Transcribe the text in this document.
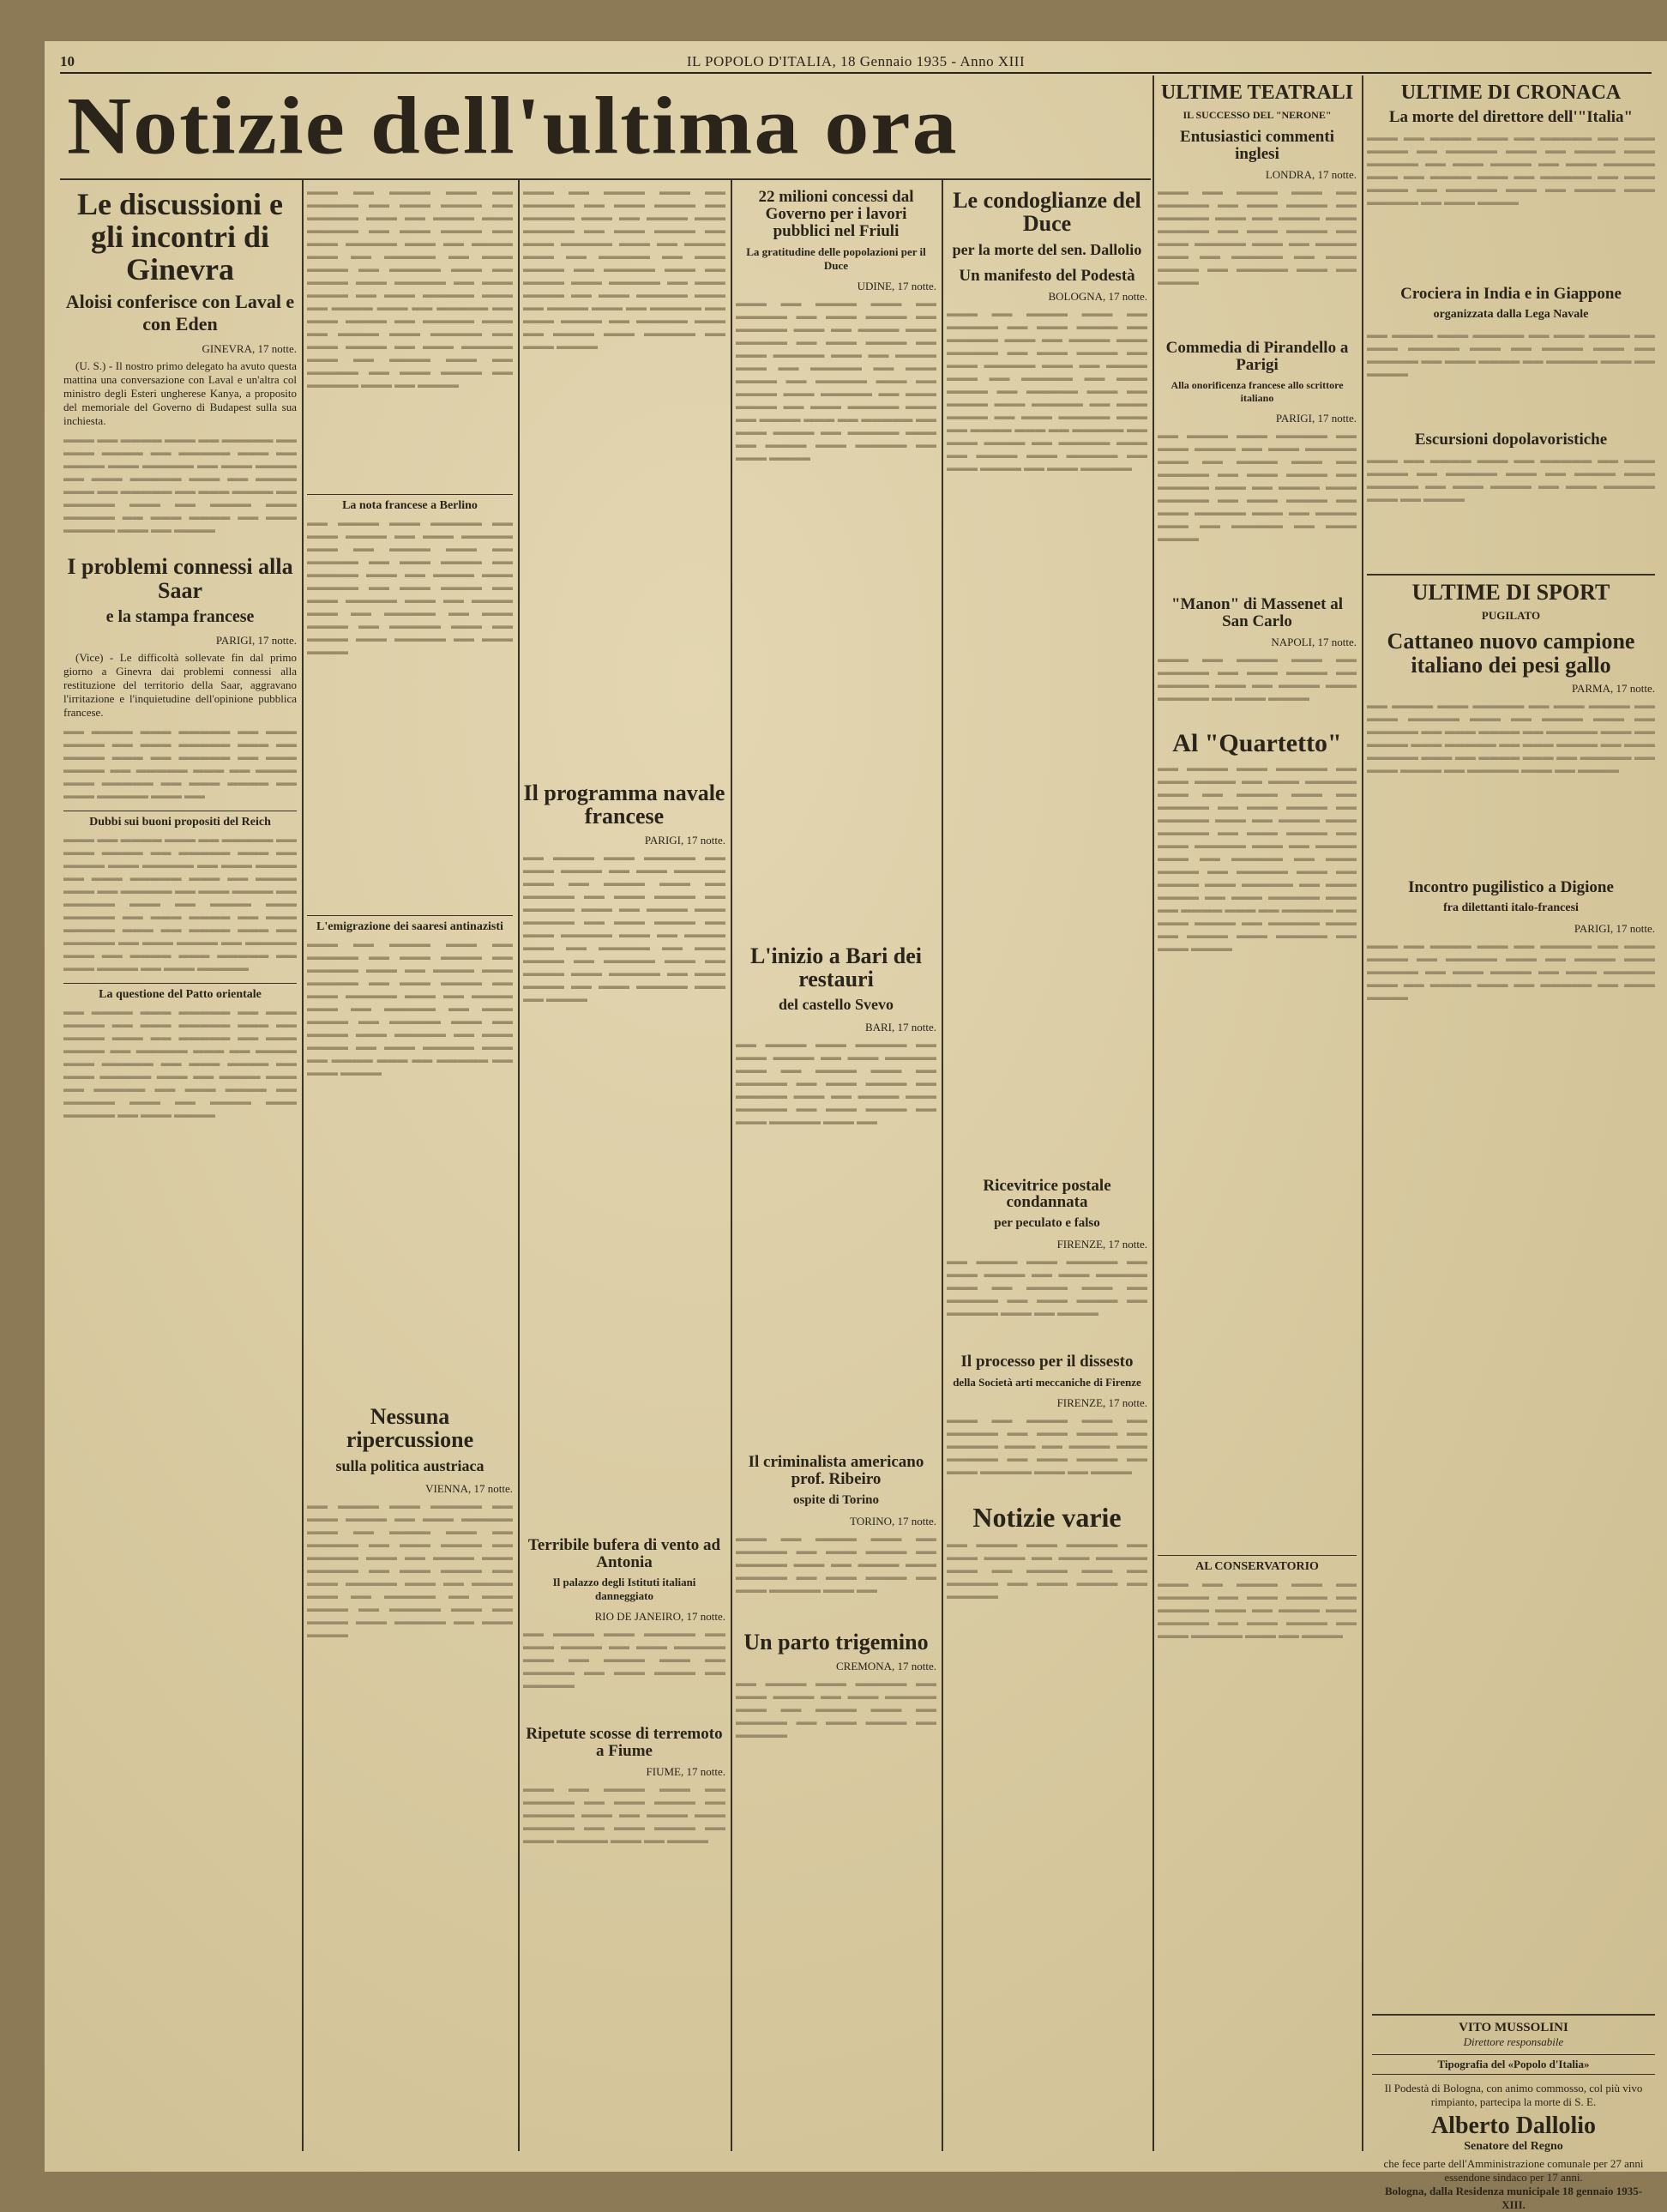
10	IL POPOLO D'ITALIA, 18 Gennaio 1935 - Anno XIII
Notizie dell'ultima ora
Le discussioni e gli incontri di Ginevra
Aloisi conferisce con Laval e con Eden
GINEVRA, 17 notte.

(U. S.) - Il nostro primo delegato ha avuto questa mattina una conversazione con Laval e un'altra col ministro degli Esteri ungherese Kanya, a proposito del memoriale del Governo di Budapest sulla sua inchiesta.

▬▬▬ ▬▬ ▬▬▬▬ ▬▬▬ ▬▬ ▬▬▬▬▬ ▬▬ ▬▬▬ ▬▬▬▬ ▬▬ ▬▬▬▬▬ ▬▬▬ ▬▬ ▬▬▬▬ ▬▬▬ ▬▬▬▬▬ ▬▬ ▬▬▬ ▬▬▬▬ ▬▬ ▬▬▬ ▬▬▬▬▬ ▬▬▬ ▬▬ ▬▬▬▬ ▬▬▬ ▬▬ ▬▬▬▬▬ ▬▬ ▬▬▬ ▬▬▬▬ ▬▬ ▬▬▬▬▬ ▬▬▬ ▬▬ ▬▬▬▬ ▬▬▬ ▬▬▬▬▬ ▬▬ ▬▬▬ ▬▬▬▬ ▬▬ ▬▬▬ ▬▬▬▬▬ ▬▬▬ ▬▬ ▬▬▬▬

I problemi connessi alla Saar
e la stampa francese
PARIGI, 17 notte.

(Vice) - Le difficoltà sollevate fin dal primo giorno a Ginevra dai problemi connessi alla restituzione del territorio della Saar, aggravano l'irritazione e l'inquietudine dell'opinione pubblica francese.

▬▬ ▬▬▬▬ ▬▬▬ ▬▬▬▬▬ ▬▬ ▬▬▬ ▬▬▬▬ ▬▬ ▬▬▬ ▬▬▬▬▬ ▬▬▬ ▬▬ ▬▬▬▬ ▬▬▬ ▬▬ ▬▬▬▬▬ ▬▬ ▬▬▬ ▬▬▬▬ ▬▬ ▬▬▬▬▬ ▬▬▬ ▬▬ ▬▬▬▬ ▬▬▬ ▬▬▬▬▬ ▬▬ ▬▬▬ ▬▬▬▬ ▬▬ ▬▬▬ ▬▬▬▬▬ ▬▬▬ ▬▬

Dubbi sui buoni propositi del Reich

▬▬▬ ▬▬ ▬▬▬▬ ▬▬▬ ▬▬ ▬▬▬▬▬ ▬▬ ▬▬▬ ▬▬▬▬ ▬▬ ▬▬▬▬▬ ▬▬▬ ▬▬ ▬▬▬▬ ▬▬▬ ▬▬▬▬▬ ▬▬ ▬▬▬ ▬▬▬▬ ▬▬ ▬▬▬ ▬▬▬▬▬ ▬▬▬ ▬▬ ▬▬▬▬ ▬▬▬ ▬▬ ▬▬▬▬▬ ▬▬ ▬▬▬ ▬▬▬▬ ▬▬ ▬▬▬▬▬ ▬▬▬ ▬▬ ▬▬▬▬ ▬▬▬ ▬▬▬▬▬ ▬▬ ▬▬▬ ▬▬▬▬ ▬▬ ▬▬▬ ▬▬▬▬▬ ▬▬▬ ▬▬ ▬▬▬▬ ▬▬▬ ▬▬ ▬▬▬▬▬ ▬▬ ▬▬▬ ▬▬▬▬ ▬▬ ▬▬▬▬▬ ▬▬▬ ▬▬ ▬▬▬▬ ▬▬▬ ▬▬▬▬▬ ▬▬ ▬▬▬ ▬▬▬▬ ▬▬ ▬▬▬ ▬▬▬▬▬

La questione del Patto orientale

▬▬ ▬▬▬▬ ▬▬▬ ▬▬▬▬▬ ▬▬ ▬▬▬ ▬▬▬▬ ▬▬ ▬▬▬ ▬▬▬▬▬ ▬▬▬ ▬▬ ▬▬▬▬ ▬▬▬ ▬▬ ▬▬▬▬▬ ▬▬ ▬▬▬ ▬▬▬▬ ▬▬ ▬▬▬▬▬ ▬▬▬ ▬▬ ▬▬▬▬ ▬▬▬ ▬▬▬▬▬ ▬▬ ▬▬▬ ▬▬▬▬ ▬▬ ▬▬▬ ▬▬▬▬▬ ▬▬▬ ▬▬ ▬▬▬▬ ▬▬▬ ▬▬ ▬▬▬▬▬ ▬▬ ▬▬▬ ▬▬▬▬ ▬▬ ▬▬▬▬▬ ▬▬▬ ▬▬ ▬▬▬▬ ▬▬▬ ▬▬▬▬▬ ▬▬ ▬▬▬ ▬▬▬▬

▬▬▬ ▬▬ ▬▬▬▬ ▬▬▬ ▬▬ ▬▬▬▬▬ ▬▬ ▬▬▬ ▬▬▬▬ ▬▬ ▬▬▬▬▬ ▬▬▬ ▬▬ ▬▬▬▬ ▬▬▬ ▬▬▬▬▬ ▬▬ ▬▬▬ ▬▬▬▬ ▬▬ ▬▬▬ ▬▬▬▬▬ ▬▬▬ ▬▬ ▬▬▬▬ ▬▬▬ ▬▬ ▬▬▬▬▬ ▬▬ ▬▬▬ ▬▬▬▬ ▬▬ ▬▬▬▬▬ ▬▬▬ ▬▬ ▬▬▬▬ ▬▬▬ ▬▬▬▬▬ ▬▬ ▬▬▬ ▬▬▬▬ ▬▬ ▬▬▬ ▬▬▬▬▬ ▬▬▬ ▬▬ ▬▬▬▬ ▬▬▬ ▬▬ ▬▬▬▬▬ ▬▬ ▬▬▬ ▬▬▬▬ ▬▬ ▬▬▬▬▬ ▬▬▬ ▬▬ ▬▬▬▬ ▬▬▬ ▬▬▬▬▬ ▬▬ ▬▬▬ ▬▬▬▬ ▬▬ ▬▬▬ ▬▬▬▬▬ ▬▬▬ ▬▬ ▬▬▬▬ ▬▬▬ ▬▬ ▬▬▬▬▬ ▬▬ ▬▬▬ ▬▬▬▬ ▬▬ ▬▬▬▬▬ ▬▬▬ ▬▬ ▬▬▬▬

La nota francese a Berlino

▬▬ ▬▬▬▬ ▬▬▬ ▬▬▬▬▬ ▬▬ ▬▬▬ ▬▬▬▬ ▬▬ ▬▬▬ ▬▬▬▬▬ ▬▬▬ ▬▬ ▬▬▬▬ ▬▬▬ ▬▬ ▬▬▬▬▬ ▬▬ ▬▬▬ ▬▬▬▬ ▬▬ ▬▬▬▬▬ ▬▬▬ ▬▬ ▬▬▬▬ ▬▬▬ ▬▬▬▬▬ ▬▬ ▬▬▬ ▬▬▬▬ ▬▬ ▬▬▬ ▬▬▬▬▬ ▬▬▬ ▬▬ ▬▬▬▬ ▬▬▬ ▬▬ ▬▬▬▬▬ ▬▬ ▬▬▬ ▬▬▬▬ ▬▬ ▬▬▬▬▬ ▬▬▬ ▬▬ ▬▬▬▬ ▬▬▬ ▬▬▬▬▬ ▬▬ ▬▬▬ ▬▬▬▬

L'emigrazione dei saaresi antinazisti

▬▬▬ ▬▬ ▬▬▬▬ ▬▬▬ ▬▬ ▬▬▬▬▬ ▬▬ ▬▬▬ ▬▬▬▬ ▬▬ ▬▬▬▬▬ ▬▬▬ ▬▬ ▬▬▬▬ ▬▬▬ ▬▬▬▬▬ ▬▬ ▬▬▬ ▬▬▬▬ ▬▬ ▬▬▬ ▬▬▬▬▬ ▬▬▬ ▬▬ ▬▬▬▬ ▬▬▬ ▬▬ ▬▬▬▬▬ ▬▬ ▬▬▬ ▬▬▬▬ ▬▬ ▬▬▬▬▬ ▬▬▬ ▬▬ ▬▬▬▬ ▬▬▬ ▬▬▬▬▬ ▬▬ ▬▬▬ ▬▬▬▬ ▬▬ ▬▬▬ ▬▬▬▬▬ ▬▬▬ ▬▬ ▬▬▬▬ ▬▬▬ ▬▬ ▬▬▬▬▬ ▬▬ ▬▬▬ ▬▬▬▬

Nessuna ripercussione
sulla politica austriaca
VIENNA, 17 notte.

▬▬ ▬▬▬▬ ▬▬▬ ▬▬▬▬▬ ▬▬ ▬▬▬ ▬▬▬▬ ▬▬ ▬▬▬ ▬▬▬▬▬ ▬▬▬ ▬▬ ▬▬▬▬ ▬▬▬ ▬▬ ▬▬▬▬▬ ▬▬ ▬▬▬ ▬▬▬▬ ▬▬ ▬▬▬▬▬ ▬▬▬ ▬▬ ▬▬▬▬ ▬▬▬ ▬▬▬▬▬ ▬▬ ▬▬▬ ▬▬▬▬ ▬▬ ▬▬▬ ▬▬▬▬▬ ▬▬▬ ▬▬ ▬▬▬▬ ▬▬▬ ▬▬ ▬▬▬▬▬ ▬▬ ▬▬▬ ▬▬▬▬ ▬▬ ▬▬▬▬▬ ▬▬▬ ▬▬ ▬▬▬▬ ▬▬▬ ▬▬▬▬▬ ▬▬ ▬▬▬ ▬▬▬▬

▬▬▬ ▬▬ ▬▬▬▬ ▬▬▬ ▬▬ ▬▬▬▬▬ ▬▬ ▬▬▬ ▬▬▬▬ ▬▬ ▬▬▬▬▬ ▬▬▬ ▬▬ ▬▬▬▬ ▬▬▬ ▬▬▬▬▬ ▬▬ ▬▬▬ ▬▬▬▬ ▬▬ ▬▬▬ ▬▬▬▬▬ ▬▬▬ ▬▬ ▬▬▬▬ ▬▬▬ ▬▬ ▬▬▬▬▬ ▬▬ ▬▬▬ ▬▬▬▬ ▬▬ ▬▬▬▬▬ ▬▬▬ ▬▬ ▬▬▬▬ ▬▬▬ ▬▬▬▬▬ ▬▬ ▬▬▬ ▬▬▬▬ ▬▬ ▬▬▬ ▬▬▬▬▬ ▬▬▬ ▬▬ ▬▬▬▬ ▬▬▬ ▬▬ ▬▬▬▬▬ ▬▬ ▬▬▬ ▬▬▬▬ ▬▬ ▬▬▬▬▬ ▬▬▬ ▬▬ ▬▬▬▬ ▬▬▬ ▬▬▬▬▬ ▬▬ ▬▬▬ ▬▬▬▬

Il programma navale francese
PARIGI, 17 notte.

▬▬ ▬▬▬▬ ▬▬▬ ▬▬▬▬▬ ▬▬ ▬▬▬ ▬▬▬▬ ▬▬ ▬▬▬ ▬▬▬▬▬ ▬▬▬ ▬▬ ▬▬▬▬ ▬▬▬ ▬▬ ▬▬▬▬▬ ▬▬ ▬▬▬ ▬▬▬▬ ▬▬ ▬▬▬▬▬ ▬▬▬ ▬▬ ▬▬▬▬ ▬▬▬ ▬▬▬▬▬ ▬▬ ▬▬▬ ▬▬▬▬ ▬▬ ▬▬▬ ▬▬▬▬▬ ▬▬▬ ▬▬ ▬▬▬▬ ▬▬▬ ▬▬ ▬▬▬▬▬ ▬▬ ▬▬▬ ▬▬▬▬ ▬▬ ▬▬▬▬▬ ▬▬▬ ▬▬ ▬▬▬▬ ▬▬▬ ▬▬▬▬▬ ▬▬ ▬▬▬ ▬▬▬▬ ▬▬ ▬▬▬ ▬▬▬▬▬ ▬▬▬ ▬▬ ▬▬▬▬

Terribile bufera di vento ad Antonia
Il palazzo degli Istituti italiani danneggiato
RIO DE JANEIRO, 17 notte.

▬▬ ▬▬▬▬ ▬▬▬ ▬▬▬▬▬ ▬▬ ▬▬▬ ▬▬▬▬ ▬▬ ▬▬▬ ▬▬▬▬▬ ▬▬▬ ▬▬ ▬▬▬▬ ▬▬▬ ▬▬ ▬▬▬▬▬ ▬▬ ▬▬▬ ▬▬▬▬ ▬▬ ▬▬▬▬▬

Ripetute scosse di terremoto a Fiume
FIUME, 17 notte.

▬▬▬ ▬▬ ▬▬▬▬ ▬▬▬ ▬▬ ▬▬▬▬▬ ▬▬ ▬▬▬ ▬▬▬▬ ▬▬ ▬▬▬▬▬ ▬▬▬ ▬▬ ▬▬▬▬ ▬▬▬ ▬▬▬▬▬ ▬▬ ▬▬▬ ▬▬▬▬ ▬▬ ▬▬▬ ▬▬▬▬▬ ▬▬▬ ▬▬ ▬▬▬▬

22 milioni concessi dal Governo per i lavori pubblici nel Friuli
La gratitudine delle popolazioni per il Duce
UDINE, 17 notte.

▬▬▬ ▬▬ ▬▬▬▬ ▬▬▬ ▬▬ ▬▬▬▬▬ ▬▬ ▬▬▬ ▬▬▬▬ ▬▬ ▬▬▬▬▬ ▬▬▬ ▬▬ ▬▬▬▬ ▬▬▬ ▬▬▬▬▬ ▬▬ ▬▬▬ ▬▬▬▬ ▬▬ ▬▬▬ ▬▬▬▬▬ ▬▬▬ ▬▬ ▬▬▬▬ ▬▬▬ ▬▬ ▬▬▬▬▬ ▬▬ ▬▬▬ ▬▬▬▬ ▬▬ ▬▬▬▬▬ ▬▬▬ ▬▬ ▬▬▬▬ ▬▬▬ ▬▬▬▬▬ ▬▬ ▬▬▬ ▬▬▬▬ ▬▬ ▬▬▬ ▬▬▬▬▬ ▬▬▬ ▬▬ ▬▬▬▬ ▬▬▬ ▬▬ ▬▬▬▬▬ ▬▬ ▬▬▬ ▬▬▬▬ ▬▬ ▬▬▬▬▬ ▬▬▬ ▬▬ ▬▬▬▬ ▬▬▬ ▬▬▬▬▬ ▬▬ ▬▬▬ ▬▬▬▬

L'inizio a Bari dei restauri
del castello Svevo
BARI, 17 notte.

▬▬ ▬▬▬▬ ▬▬▬ ▬▬▬▬▬ ▬▬ ▬▬▬ ▬▬▬▬ ▬▬ ▬▬▬ ▬▬▬▬▬ ▬▬▬ ▬▬ ▬▬▬▬ ▬▬▬ ▬▬ ▬▬▬▬▬ ▬▬ ▬▬▬ ▬▬▬▬ ▬▬ ▬▬▬▬▬ ▬▬▬ ▬▬ ▬▬▬▬ ▬▬▬ ▬▬▬▬▬ ▬▬ ▬▬▬ ▬▬▬▬ ▬▬ ▬▬▬ ▬▬▬▬▬ ▬▬▬ ▬▬

Il criminalista americano prof. Ribeiro
ospite di Torino
TORINO, 17 notte.

▬▬▬ ▬▬ ▬▬▬▬ ▬▬▬ ▬▬ ▬▬▬▬▬ ▬▬ ▬▬▬ ▬▬▬▬ ▬▬ ▬▬▬▬▬ ▬▬▬ ▬▬ ▬▬▬▬ ▬▬▬ ▬▬▬▬▬ ▬▬ ▬▬▬ ▬▬▬▬ ▬▬ ▬▬▬ ▬▬▬▬▬ ▬▬▬ ▬▬

Un parto trigemino
CREMONA, 17 notte.

▬▬ ▬▬▬▬ ▬▬▬ ▬▬▬▬▬ ▬▬ ▬▬▬ ▬▬▬▬ ▬▬ ▬▬▬ ▬▬▬▬▬ ▬▬▬ ▬▬ ▬▬▬▬ ▬▬▬ ▬▬ ▬▬▬▬▬ ▬▬ ▬▬▬ ▬▬▬▬ ▬▬ ▬▬▬▬▬

Le condoglianze del Duce
per la morte del sen. Dallolio
Un manifesto del Podestà
BOLOGNA, 17 notte.

▬▬▬ ▬▬ ▬▬▬▬ ▬▬▬ ▬▬ ▬▬▬▬▬ ▬▬ ▬▬▬ ▬▬▬▬ ▬▬ ▬▬▬▬▬ ▬▬▬ ▬▬ ▬▬▬▬ ▬▬▬ ▬▬▬▬▬ ▬▬ ▬▬▬ ▬▬▬▬ ▬▬ ▬▬▬ ▬▬▬▬▬ ▬▬▬ ▬▬ ▬▬▬▬ ▬▬▬ ▬▬ ▬▬▬▬▬ ▬▬ ▬▬▬ ▬▬▬▬ ▬▬ ▬▬▬▬▬ ▬▬▬ ▬▬ ▬▬▬▬ ▬▬▬ ▬▬▬▬▬ ▬▬ ▬▬▬ ▬▬▬▬ ▬▬ ▬▬▬ ▬▬▬▬▬ ▬▬▬ ▬▬ ▬▬▬▬ ▬▬▬ ▬▬ ▬▬▬▬▬ ▬▬ ▬▬▬ ▬▬▬▬ ▬▬ ▬▬▬▬▬ ▬▬▬ ▬▬ ▬▬▬▬ ▬▬▬ ▬▬▬▬▬ ▬▬ ▬▬▬ ▬▬▬▬ ▬▬ ▬▬▬ ▬▬▬▬▬

Ricevitrice postale condannata
per peculato e falso
FIRENZE, 17 notte.

▬▬ ▬▬▬▬ ▬▬▬ ▬▬▬▬▬ ▬▬ ▬▬▬ ▬▬▬▬ ▬▬ ▬▬▬ ▬▬▬▬▬ ▬▬▬ ▬▬ ▬▬▬▬ ▬▬▬ ▬▬ ▬▬▬▬▬ ▬▬ ▬▬▬ ▬▬▬▬ ▬▬ ▬▬▬▬▬ ▬▬▬ ▬▬ ▬▬▬▬

Il processo per il dissesto
della Società arti meccaniche di Firenze
FIRENZE, 17 notte.

▬▬▬ ▬▬ ▬▬▬▬ ▬▬▬ ▬▬ ▬▬▬▬▬ ▬▬ ▬▬▬ ▬▬▬▬ ▬▬ ▬▬▬▬▬ ▬▬▬ ▬▬ ▬▬▬▬ ▬▬▬ ▬▬▬▬▬ ▬▬ ▬▬▬ ▬▬▬▬ ▬▬ ▬▬▬ ▬▬▬▬▬ ▬▬▬ ▬▬ ▬▬▬▬

Notizie varie

▬▬ ▬▬▬▬ ▬▬▬ ▬▬▬▬▬ ▬▬ ▬▬▬ ▬▬▬▬ ▬▬ ▬▬▬ ▬▬▬▬▬ ▬▬▬ ▬▬ ▬▬▬▬ ▬▬▬ ▬▬ ▬▬▬▬▬ ▬▬ ▬▬▬ ▬▬▬▬ ▬▬ ▬▬▬▬▬

ULTIME TEATRALI
IL SUCCESSO DEL "NERONE"
Entusiastici commenti inglesi
LONDRA, 17 notte.

▬▬▬ ▬▬ ▬▬▬▬ ▬▬▬ ▬▬ ▬▬▬▬▬ ▬▬ ▬▬▬ ▬▬▬▬ ▬▬ ▬▬▬▬▬ ▬▬▬ ▬▬ ▬▬▬▬ ▬▬▬ ▬▬▬▬▬ ▬▬ ▬▬▬ ▬▬▬▬ ▬▬ ▬▬▬ ▬▬▬▬▬ ▬▬▬ ▬▬ ▬▬▬▬ ▬▬▬ ▬▬ ▬▬▬▬▬ ▬▬ ▬▬▬ ▬▬▬▬ ▬▬ ▬▬▬▬▬ ▬▬▬ ▬▬ ▬▬▬▬

Commedia di Pirandello a Parigi
Alla onorificenza francese allo scrittore italiano
PARIGI, 17 notte.

▬▬ ▬▬▬▬ ▬▬▬ ▬▬▬▬▬ ▬▬ ▬▬▬ ▬▬▬▬ ▬▬ ▬▬▬ ▬▬▬▬▬ ▬▬▬ ▬▬ ▬▬▬▬ ▬▬▬ ▬▬ ▬▬▬▬▬ ▬▬ ▬▬▬ ▬▬▬▬ ▬▬ ▬▬▬▬▬ ▬▬▬ ▬▬ ▬▬▬▬ ▬▬▬ ▬▬▬▬▬ ▬▬ ▬▬▬ ▬▬▬▬ ▬▬ ▬▬▬ ▬▬▬▬▬ ▬▬▬ ▬▬ ▬▬▬▬ ▬▬▬ ▬▬ ▬▬▬▬▬ ▬▬ ▬▬▬ ▬▬▬▬

"Manon" di Massenet al San Carlo
NAPOLI, 17 notte.

▬▬▬ ▬▬ ▬▬▬▬ ▬▬▬ ▬▬ ▬▬▬▬▬ ▬▬ ▬▬▬ ▬▬▬▬ ▬▬ ▬▬▬▬▬ ▬▬▬ ▬▬ ▬▬▬▬ ▬▬▬ ▬▬▬▬▬ ▬▬ ▬▬▬ ▬▬▬▬

Al "Quartetto"

▬▬ ▬▬▬▬ ▬▬▬ ▬▬▬▬▬ ▬▬ ▬▬▬ ▬▬▬▬ ▬▬ ▬▬▬ ▬▬▬▬▬ ▬▬▬ ▬▬ ▬▬▬▬ ▬▬▬ ▬▬ ▬▬▬▬▬ ▬▬ ▬▬▬ ▬▬▬▬ ▬▬ ▬▬▬▬▬ ▬▬▬ ▬▬ ▬▬▬▬ ▬▬▬ ▬▬▬▬▬ ▬▬ ▬▬▬ ▬▬▬▬ ▬▬ ▬▬▬ ▬▬▬▬▬ ▬▬▬ ▬▬ ▬▬▬▬ ▬▬▬ ▬▬ ▬▬▬▬▬ ▬▬ ▬▬▬ ▬▬▬▬ ▬▬ ▬▬▬▬▬ ▬▬▬ ▬▬ ▬▬▬▬ ▬▬▬ ▬▬▬▬▬ ▬▬ ▬▬▬ ▬▬▬▬ ▬▬ ▬▬▬ ▬▬▬▬▬ ▬▬▬ ▬▬ ▬▬▬▬ ▬▬▬ ▬▬ ▬▬▬▬▬ ▬▬ ▬▬▬ ▬▬▬▬ ▬▬ ▬▬▬▬▬ ▬▬▬ ▬▬ ▬▬▬▬ ▬▬▬ ▬▬▬▬▬ ▬▬ ▬▬▬ ▬▬▬▬

AL CONSERVATORIO

▬▬▬ ▬▬ ▬▬▬▬ ▬▬▬ ▬▬ ▬▬▬▬▬ ▬▬ ▬▬▬ ▬▬▬▬ ▬▬ ▬▬▬▬▬ ▬▬▬ ▬▬ ▬▬▬▬ ▬▬▬ ▬▬▬▬▬ ▬▬ ▬▬▬ ▬▬▬▬ ▬▬ ▬▬▬ ▬▬▬▬▬ ▬▬▬ ▬▬ ▬▬▬▬

ULTIME DI CRONACA
La morte del direttore dell'"Italia"

▬▬▬ ▬▬ ▬▬▬▬ ▬▬▬ ▬▬ ▬▬▬▬▬ ▬▬ ▬▬▬ ▬▬▬▬ ▬▬ ▬▬▬▬▬ ▬▬▬ ▬▬ ▬▬▬▬ ▬▬▬ ▬▬▬▬▬ ▬▬ ▬▬▬ ▬▬▬▬ ▬▬ ▬▬▬ ▬▬▬▬▬ ▬▬▬ ▬▬ ▬▬▬▬ ▬▬▬ ▬▬ ▬▬▬▬▬ ▬▬ ▬▬▬ ▬▬▬▬ ▬▬ ▬▬▬▬▬ ▬▬▬ ▬▬ ▬▬▬▬ ▬▬▬ ▬▬▬▬▬ ▬▬ ▬▬▬ ▬▬▬▬

Crociera in India e in Giappone
organizzata dalla Lega Navale

▬▬ ▬▬▬▬ ▬▬▬ ▬▬▬▬▬ ▬▬ ▬▬▬ ▬▬▬▬ ▬▬ ▬▬▬ ▬▬▬▬▬ ▬▬▬ ▬▬ ▬▬▬▬ ▬▬▬ ▬▬ ▬▬▬▬▬ ▬▬ ▬▬▬ ▬▬▬▬ ▬▬ ▬▬▬▬▬ ▬▬▬ ▬▬ ▬▬▬▬

Escursioni dopolavoristiche

▬▬▬ ▬▬ ▬▬▬▬ ▬▬▬ ▬▬ ▬▬▬▬▬ ▬▬ ▬▬▬ ▬▬▬▬ ▬▬ ▬▬▬▬▬ ▬▬▬ ▬▬ ▬▬▬▬ ▬▬▬ ▬▬▬▬▬ ▬▬ ▬▬▬ ▬▬▬▬ ▬▬ ▬▬▬ ▬▬▬▬▬ ▬▬▬ ▬▬ ▬▬▬▬

ULTIME DI SPORT
PUGILATO
Cattaneo nuovo campione italiano dei pesi gallo
PARMA, 17 notte.

▬▬ ▬▬▬▬ ▬▬▬ ▬▬▬▬▬ ▬▬ ▬▬▬ ▬▬▬▬ ▬▬ ▬▬▬ ▬▬▬▬▬ ▬▬▬ ▬▬ ▬▬▬▬ ▬▬▬ ▬▬ ▬▬▬▬▬ ▬▬ ▬▬▬ ▬▬▬▬ ▬▬ ▬▬▬▬▬ ▬▬▬ ▬▬ ▬▬▬▬ ▬▬▬ ▬▬▬▬▬ ▬▬ ▬▬▬ ▬▬▬▬ ▬▬ ▬▬▬ ▬▬▬▬▬ ▬▬▬ ▬▬ ▬▬▬▬ ▬▬▬ ▬▬ ▬▬▬▬▬ ▬▬ ▬▬▬ ▬▬▬▬ ▬▬ ▬▬▬▬▬ ▬▬▬ ▬▬ ▬▬▬▬

Incontro pugilistico a Digione
fra dilettanti italo-francesi
PARIGI, 17 notte.

▬▬▬ ▬▬ ▬▬▬▬ ▬▬▬ ▬▬ ▬▬▬▬▬ ▬▬ ▬▬▬ ▬▬▬▬ ▬▬ ▬▬▬▬▬ ▬▬▬ ▬▬ ▬▬▬▬ ▬▬▬ ▬▬▬▬▬ ▬▬ ▬▬▬ ▬▬▬▬ ▬▬ ▬▬▬ ▬▬▬▬▬ ▬▬▬ ▬▬ ▬▬▬▬ ▬▬▬ ▬▬ ▬▬▬▬▬ ▬▬ ▬▬▬ ▬▬▬▬

VITO MUSSOLINI
Direttore responsabile
Tipografia del «Popolo d'Italia»
Il Podestà di Bologna, con animo commosso, col più vivo rimpianto, partecipa la morte di S. E.
Alberto Dallolio
Senatore del Regno
che fece parte dell'Amministrazione comunale per 27 anni essendone sindaco per 17 anni.
Bologna, dalla Residenza municipale 18 gennaio 1935-XIII.
